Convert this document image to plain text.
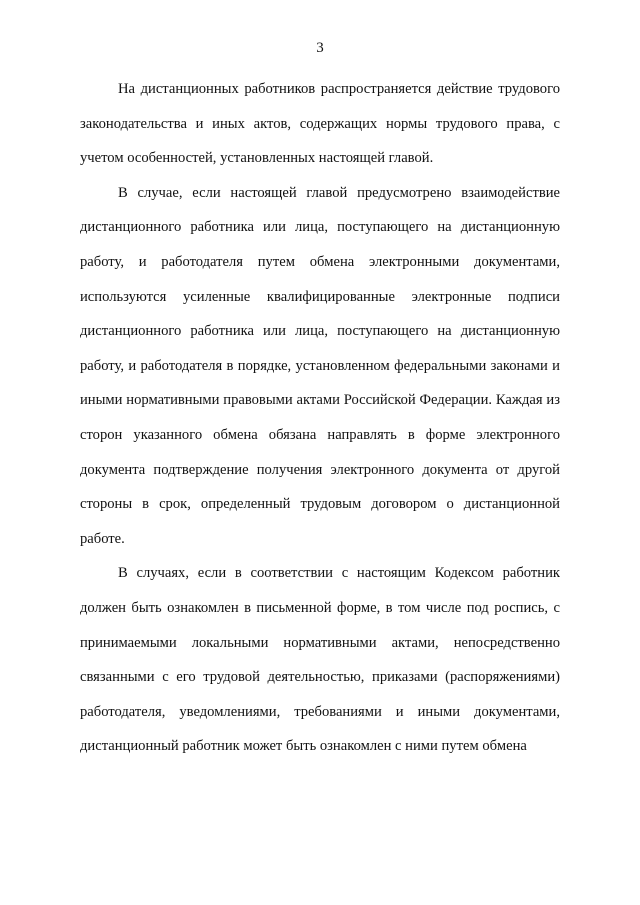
3

На дистанционных работников распространяется действие трудового законодательства и иных актов, содержащих нормы трудового права, с учетом особенностей, установленных настоящей главой.

В случае, если настоящей главой предусмотрено взаимодействие дистанционного работника или лица, поступающего на дистанционную работу, и работодателя путем обмена электронными документами, используются усиленные квалифицированные электронные подписи дистанционного работника или лица, поступающего на дистанционную работу, и работодателя в порядке, установленном федеральными законами и иными нормативными правовыми актами Российской Федерации. Каждая из сторон указанного обмена обязана направлять в форме электронного документа подтверждение получения электронного документа от другой стороны в срок, определенный трудовым договором о дистанционной работе.

В случаях, если в соответствии с настоящим Кодексом работник должен быть ознакомлен в письменной форме, в том числе под роспись, с принимаемыми локальными нормативными актами, непосредственно связанными с его трудовой деятельностью, приказами (распоряжениями) работодателя, уведомлениями, требованиями и иными документами, дистанционный работник может быть ознакомлен с ними путем обмена
